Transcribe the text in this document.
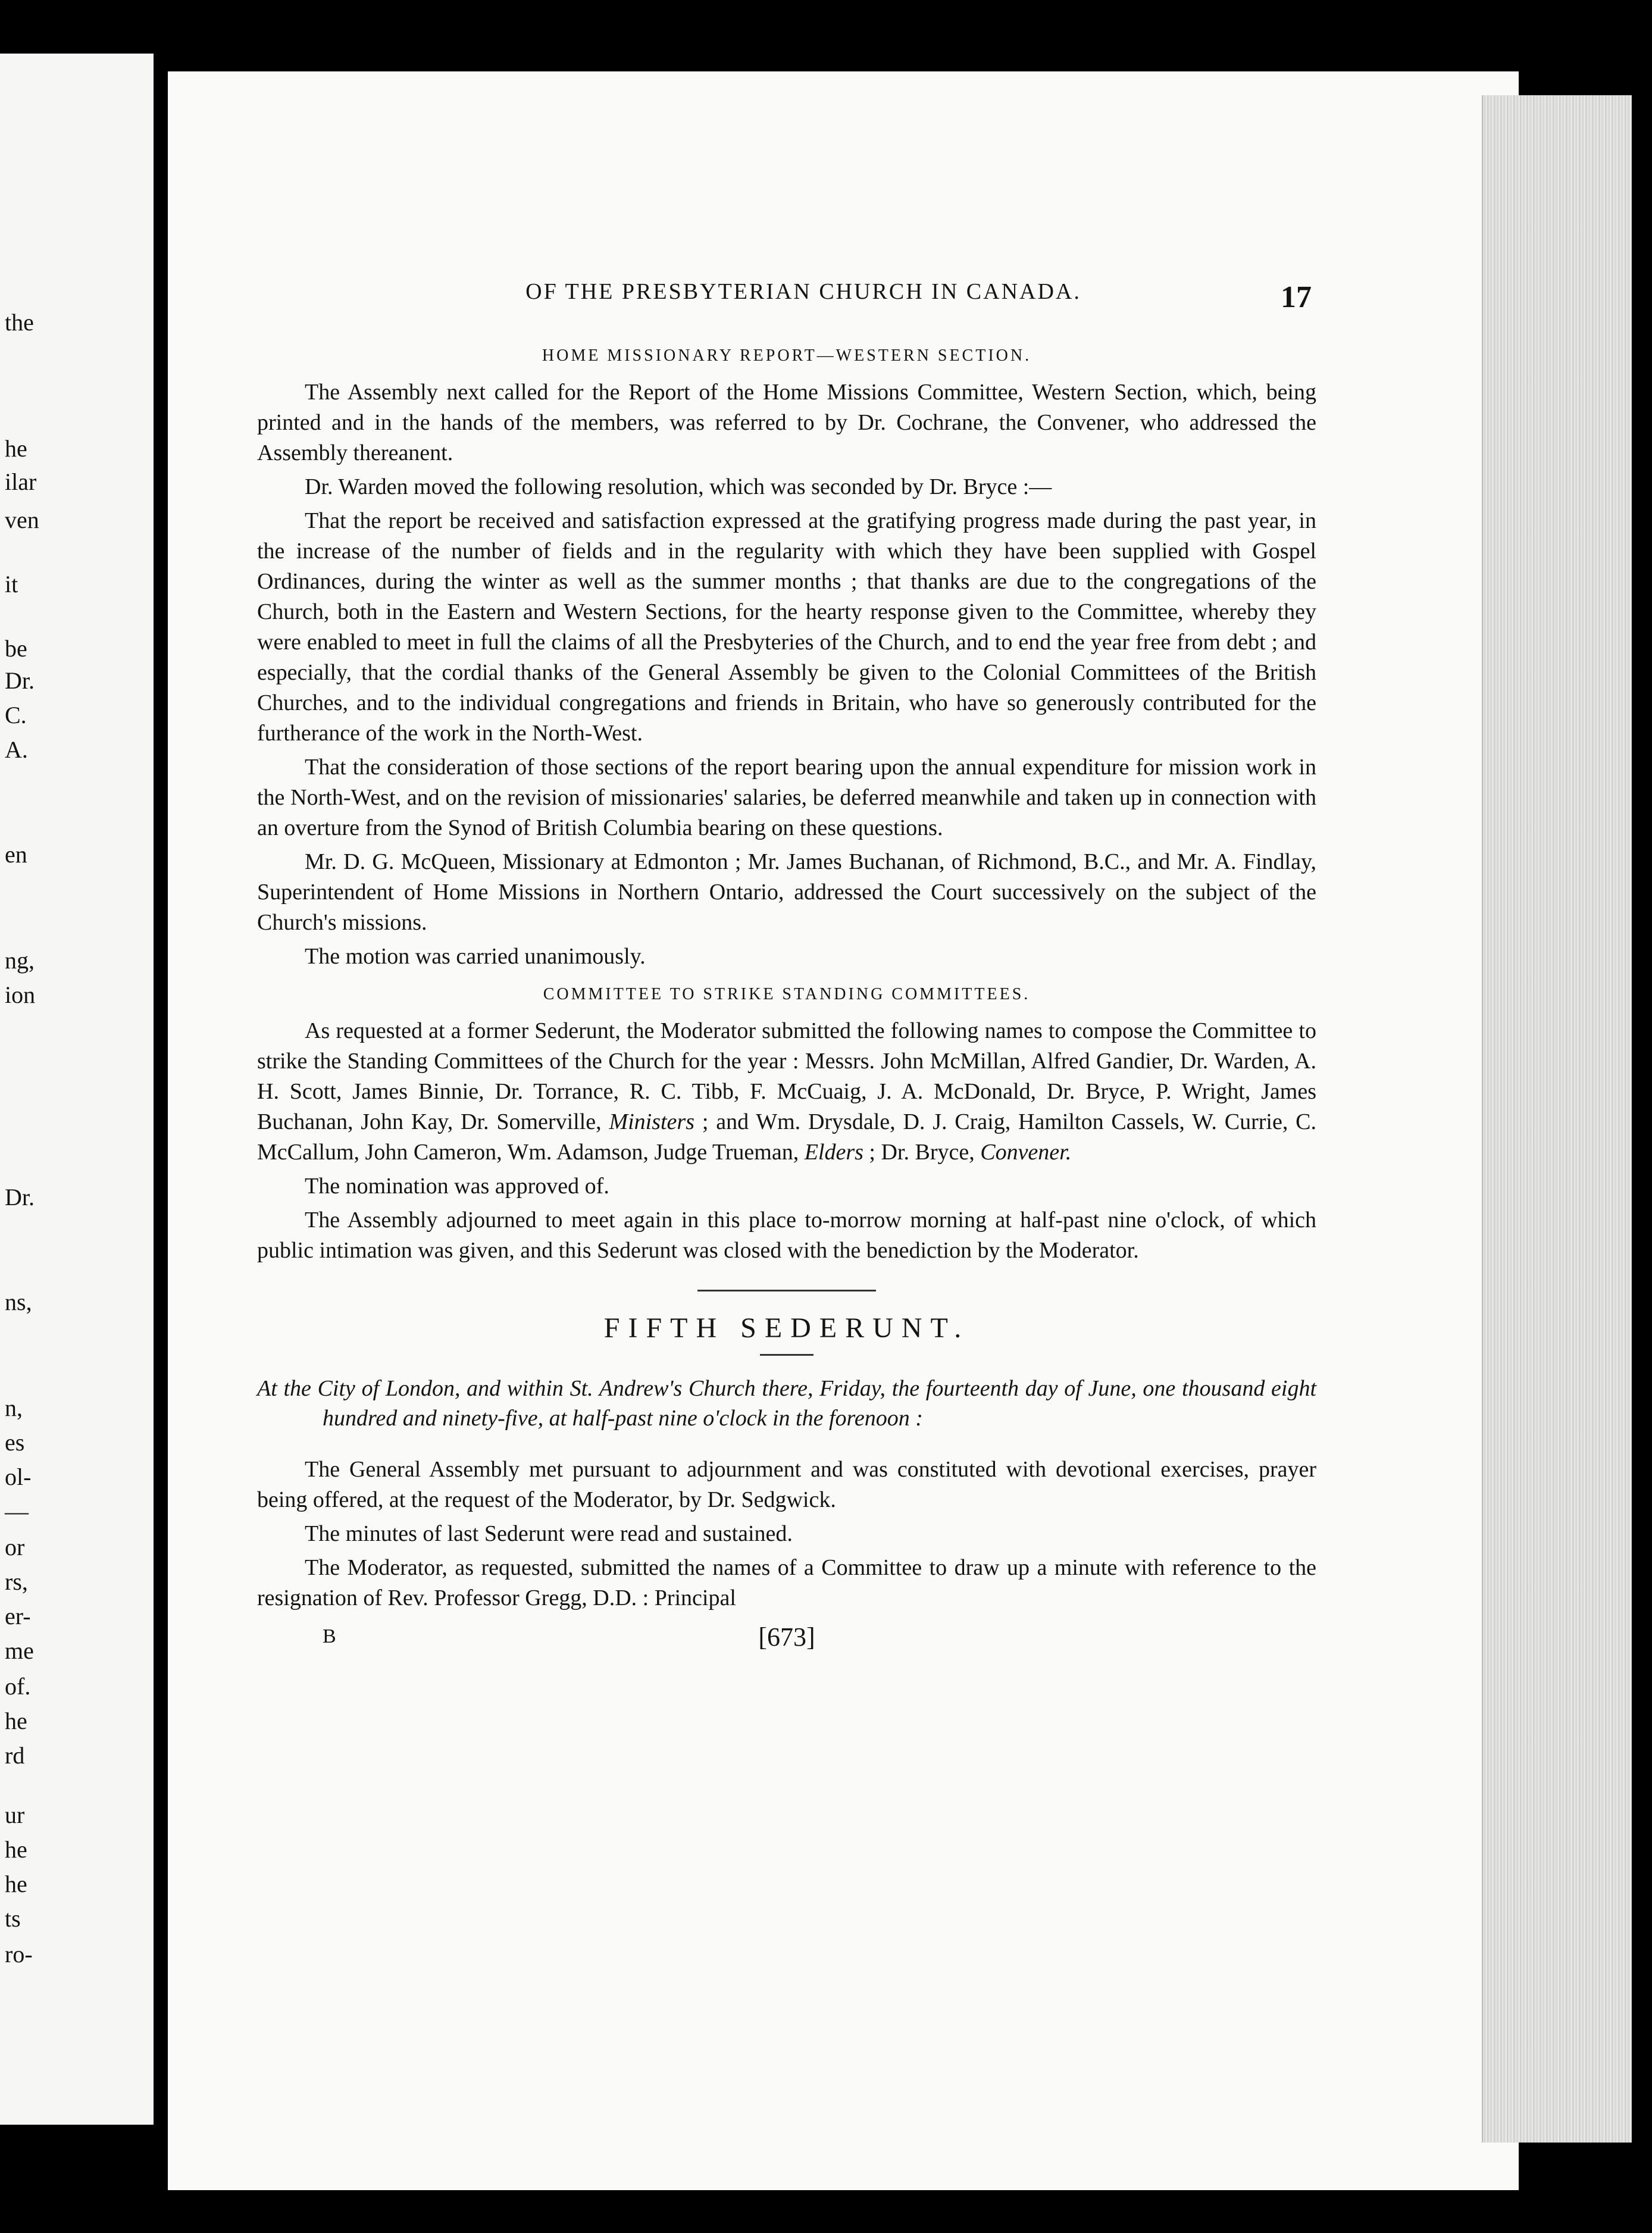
the
he
ilar
ven
it
be
Dr.
C.
A.
en
ng,
ion
Dr.
ns,
n,
es
ol-
—
or
rs,
er-
me
of.
he
rd
ur
he
he
ts
ro-
OF THE PRESBYTERIAN CHURCH IN CANADA.	17
HOME MISSIONARY REPORT—WESTERN SECTION.

The Assembly next called for the Report of the Home Missions Committee, Western Section, which, being printed and in the hands of the members, was referred to by Dr. Cochrane, the Convener, who addressed the Assembly thereanent.

Dr. Warden moved the following resolution, which was seconded by Dr. Bryce :—

That the report be received and satisfaction expressed at the gratifying progress made during the past year, in the increase of the number of fields and in the regularity with which they have been supplied with Gospel Ordinances, during the winter as well as the summer months ; that thanks are due to the congregations of the Church, both in the Eastern and Western Sections, for the hearty response given to the Committee, whereby they were enabled to meet in full the claims of all the Presbyteries of the Church, and to end the year free from debt ; and especially, that the cordial thanks of the General Assembly be given to the Colonial Committees of the British Churches, and to the individual congregations and friends in Britain, who have so generously contributed for the furtherance of the work in the North-West.

That the consideration of those sections of the report bearing upon the annual expenditure for mission work in the North-West, and on the revision of missionaries' salaries, be deferred meanwhile and taken up in connection with an overture from the Synod of British Columbia bearing on these questions.

Mr. D. G. McQueen, Missionary at Edmonton ; Mr. James Buchanan, of Richmond, B.C., and Mr. A. Findlay, Superintendent of Home Missions in Northern Ontario, addressed the Court successively on the subject of the Church's missions.

The motion was carried unanimously.

COMMITTEE TO STRIKE STANDING COMMITTEES.

As requested at a former Sederunt, the Moderator submitted the following names to compose the Committee to strike the Standing Committees of the Church for the year : Messrs. John McMillan, Alfred Gandier, Dr. Warden, A. H. Scott, James Binnie, Dr. Torrance, R. C. Tibb, F. McCuaig, J. A. McDonald, Dr. Bryce, P. Wright, James Buchanan, John Kay, Dr. Somerville, Ministers ; and Wm. Drysdale, D. J. Craig, Hamilton Cassels, W. Currie, C. McCallum, John Cameron, Wm. Adamson, Judge Trueman, Elders ; Dr. Bryce, Convener.

The nomination was approved of.

The Assembly adjourned to meet again in this place to-morrow morning at half-past nine o'clock, of which public intimation was given, and this Sederunt was closed with the benediction by the Moderator.

FIFTH SEDERUNT.

At the City of London, and within St. Andrew's Church there, Friday, the fourteenth day of June, one thousand eight hundred and ninety-five, at half-past nine o'clock in the forenoon :

The General Assembly met pursuant to adjournment and was constituted with devotional exercises, prayer being offered, at the request of the Moderator, by Dr. Sedgwick.

The minutes of last Sederunt were read and sustained.

The Moderator, as requested, submitted the names of a Committee to draw up a minute with reference to the resignation of Rev. Professor Gregg, D.D. : Principal

B	[673]
